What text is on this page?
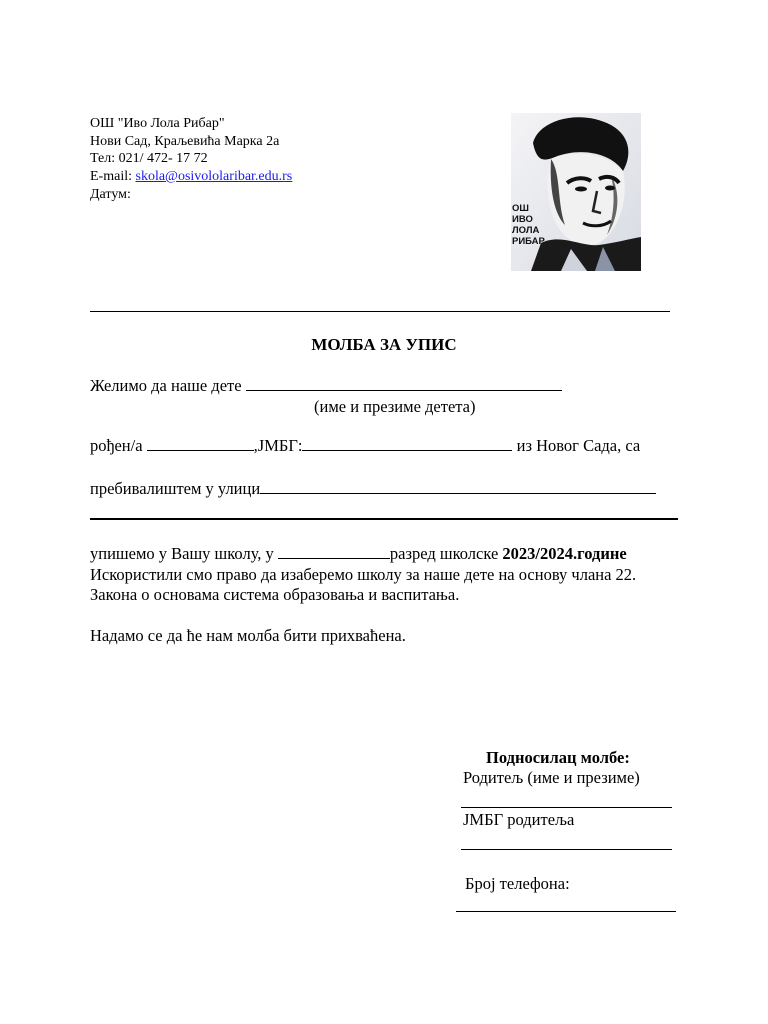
ОШ "Иво Лола Рибар"
Нови Сад, Краљевића Марка 2а
Тел: 021/ 472- 17 72
E-mail: skola@osivololaribar.edu.rs
Датум:
ОШ
ИВО
ЛОЛА
РИБАР
МОЛБА ЗА УПИС
Желимо да наше дете
(име и презиме детета)
рођен/а	,ЈМБГ:	из Новог Сада, са
пребивалиштем у улици
упишемо у Вашу школу, у	разред школске 2023/2024.године
Искористили смо право да изаберемо школу за наше дете на основу члана 22.
Закона о основама система образовања и васпитања.
Надамо се да ће нам молба бити прихваћена.
Подносилац молбе:
Родитељ (име и презиме)
ЈМБГ родитеља
Број телефона:
